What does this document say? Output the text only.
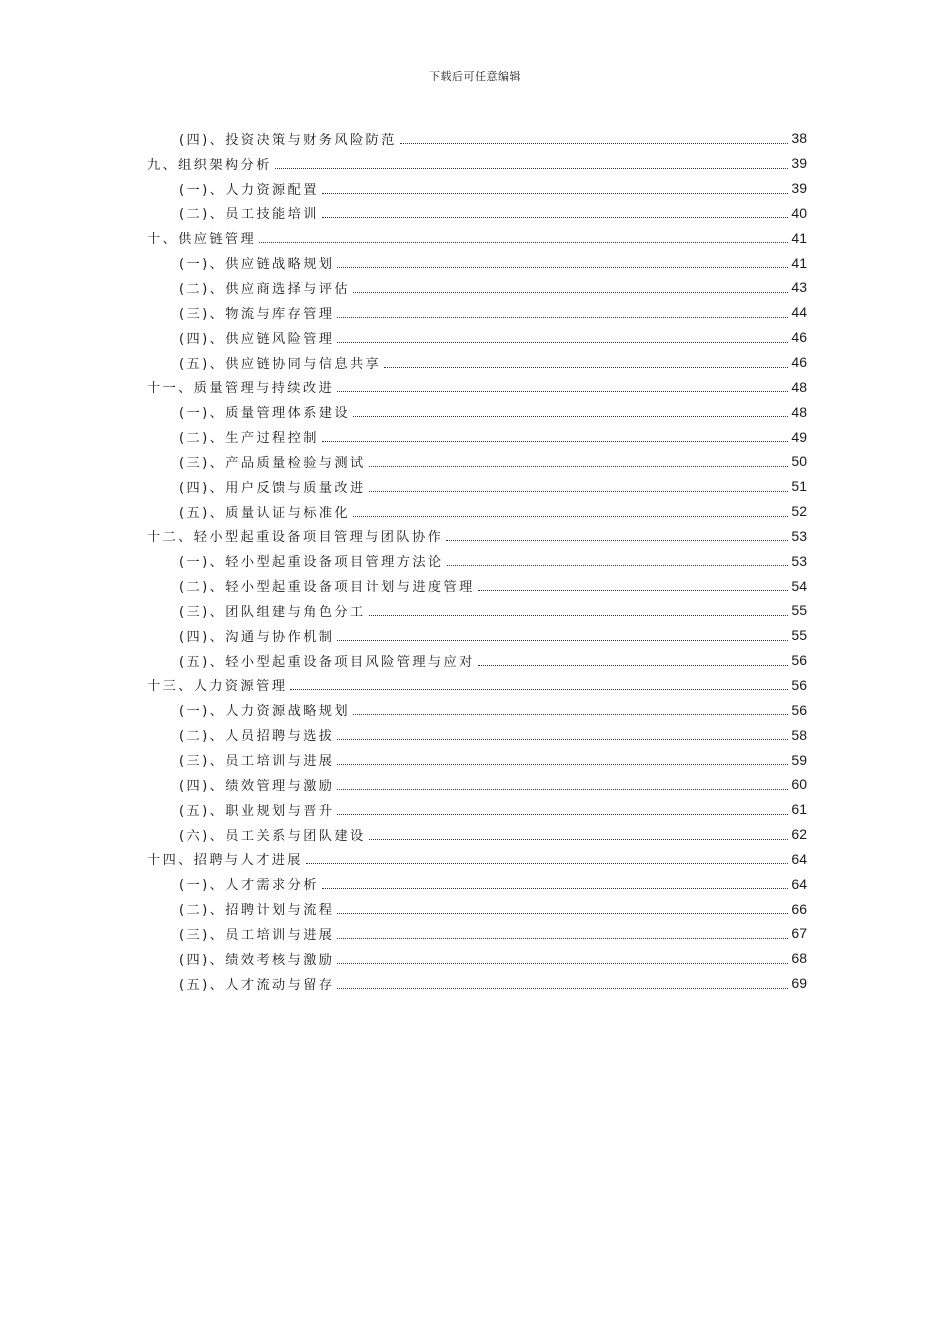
下载后可任意编辑
(四)、投资决策与财务风险防范	38
九、组织架构分析	39
(一)、人力资源配置	39
(二)、员工技能培训	40
十、供应链管理	41
(一)、供应链战略规划	41
(二)、供应商选择与评估	43
(三)、物流与库存管理	44
(四)、供应链风险管理	46
(五)、供应链协同与信息共享	46
十一、质量管理与持续改进	48
(一)、质量管理体系建设	48
(二)、生产过程控制	49
(三)、产品质量检验与测试	50
(四)、用户反馈与质量改进	51
(五)、质量认证与标准化	52
十二、轻小型起重设备项目管理与团队协作	53
(一)、轻小型起重设备项目管理方法论	53
(二)、轻小型起重设备项目计划与进度管理	54
(三)、团队组建与角色分工	55
(四)、沟通与协作机制	55
(五)、轻小型起重设备项目风险管理与应对	56
十三、人力资源管理	56
(一)、人力资源战略规划	56
(二)、人员招聘与选拔	58
(三)、员工培训与进展	59
(四)、绩效管理与激励	60
(五)、职业规划与晋升	61
(六)、员工关系与团队建设	62
十四、招聘与人才进展	64
(一)、人才需求分析	64
(二)、招聘计划与流程	66
(三)、员工培训与进展	67
(四)、绩效考核与激励	68
(五)、人才流动与留存	69
